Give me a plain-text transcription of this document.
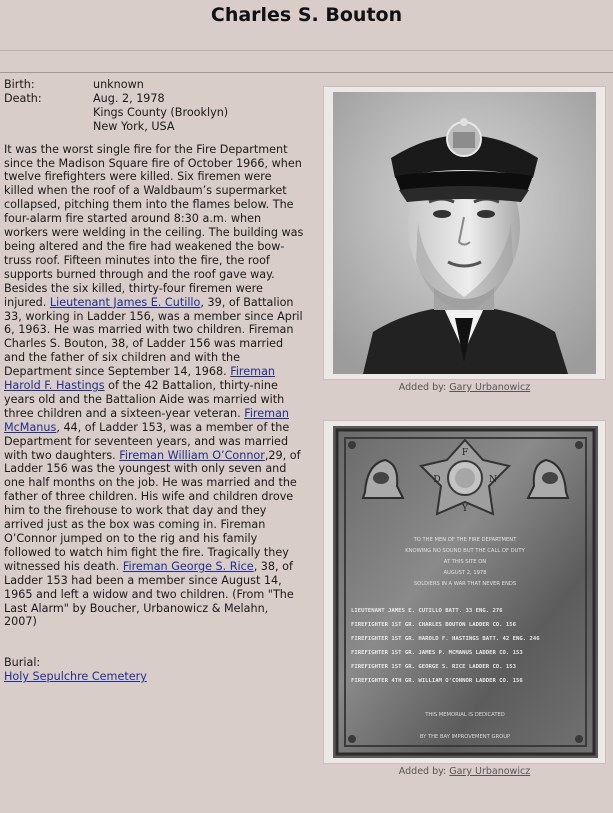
Charles S. Bouton
Birth:	unknown
Death:	Aug. 2, 1978
Kings County (Brooklyn)
New York, USA
It was the worst single fire for the Fire Department since the Madison Square fire of October 1966, when twelve firefighters were killed. Six firemen were killed when the roof of a Waldbaum’s supermarket collapsed, pitching them into the flames below. The four-alarm fire started around 8:30 a.m. when workers were welding in the ceiling. The building was being altered and the fire had weakened the bow-truss roof. Fifteen minutes into the fire, the roof supports burned through and the roof gave way. Besides the six killed, thirty-four firemen were injured. Lieutenant James E. Cutillo, 39, of Battalion 33, working in Ladder 156, was a member since April 6, 1963. He was married with two children. Fireman Charles S. Bouton, 38, of Ladder 156 was married and the father of six children and with the Department since September 14, 1968. Fireman Harold F. Hastings of the 42 Battalion, thirty-nine years old and the Battalion Aide was married with three children and a sixteen-year veteran. Fireman McManus, 44, of Ladder 153, was a member of the Department for seventeen years, and was married with two daughters. Fireman William O’Connor,29, of Ladder 156 was the youngest with only seven and one half months on the job. He was married and the father of three children. His wife and children drove him to the firehouse to work that day and they arrived just as the box was coming in. Fireman O’Connor jumped on to the rig and his family followed to watch him fight the fire. Tragically they witnessed his death. Fireman George S. Rice, 38, of Ladder 153 had been a member since August 14, 1965 and left a widow and two children. (From "The Last Alarm" by Boucher, Urbanowicz & Melahn, 2007)
Burial:
Holy Sepulchre Cemetery
Added by: Gary Urbanowicz
F
D	N
Y
TO THE MEN OF THE FIRE DEPARTMENT
KNOWING NO SOUND BUT THE CALL OF DUTY
AT THIS SITE ON
AUGUST 2, 1978
SOLDIERS IN A WAR THAT NEVER ENDS
LIEUTENANT JAMES E. CUTILLO BATT. 33 ENG. 276
FIREFIGHTER 1ST GR. CHARLES BOUTON LADDER CO. 156
FIREFIGHTER 1ST GR. HAROLD F. HASTINGS BATT. 42 ENG. 246
FIREFIGHTER 1ST GR. JAMES P. MCMANUS LADDER CO. 153
FIREFIGHTER 1ST GR. GEORGE S. RICE LADDER CO. 153
FIREFIGHTER 4TH GR. WILLIAM O'CONNOR LADDER CO. 156
THIS MEMORIAL IS DEDICATED
BY THE BAY IMPROVEMENT GROUP
Added by: Gary Urbanowicz
